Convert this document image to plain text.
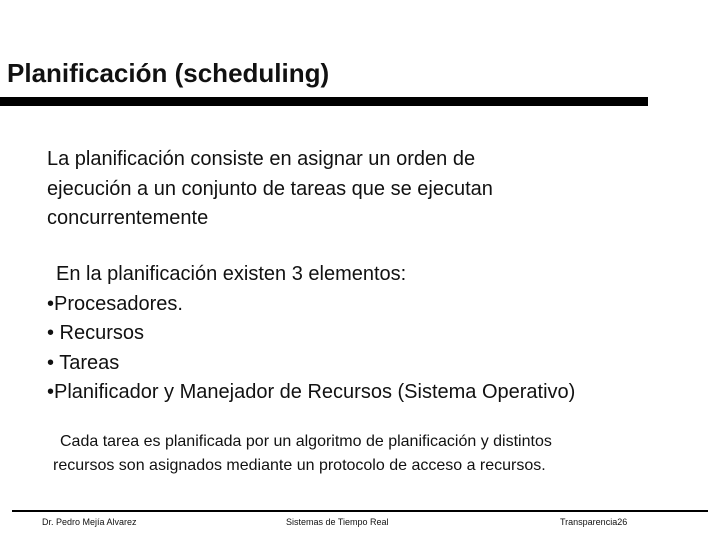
Planificación (scheduling)
La planificación consiste en asignar un orden de
ejecución a un conjunto de tareas que se ejecutan
concurrentemente
En la planificación existen 3 elementos:
•Procesadores.
• Recursos
• Tareas
•Planificador y Manejador de Recursos (Sistema Operativo)
Cada tarea es planificada por un algoritmo de planificación y distintos
recursos son asignados mediante un protocolo de acceso a recursos.
Dr. Pedro Mejía Alvarez	Sistemas de Tiempo Real	Transparencia26
